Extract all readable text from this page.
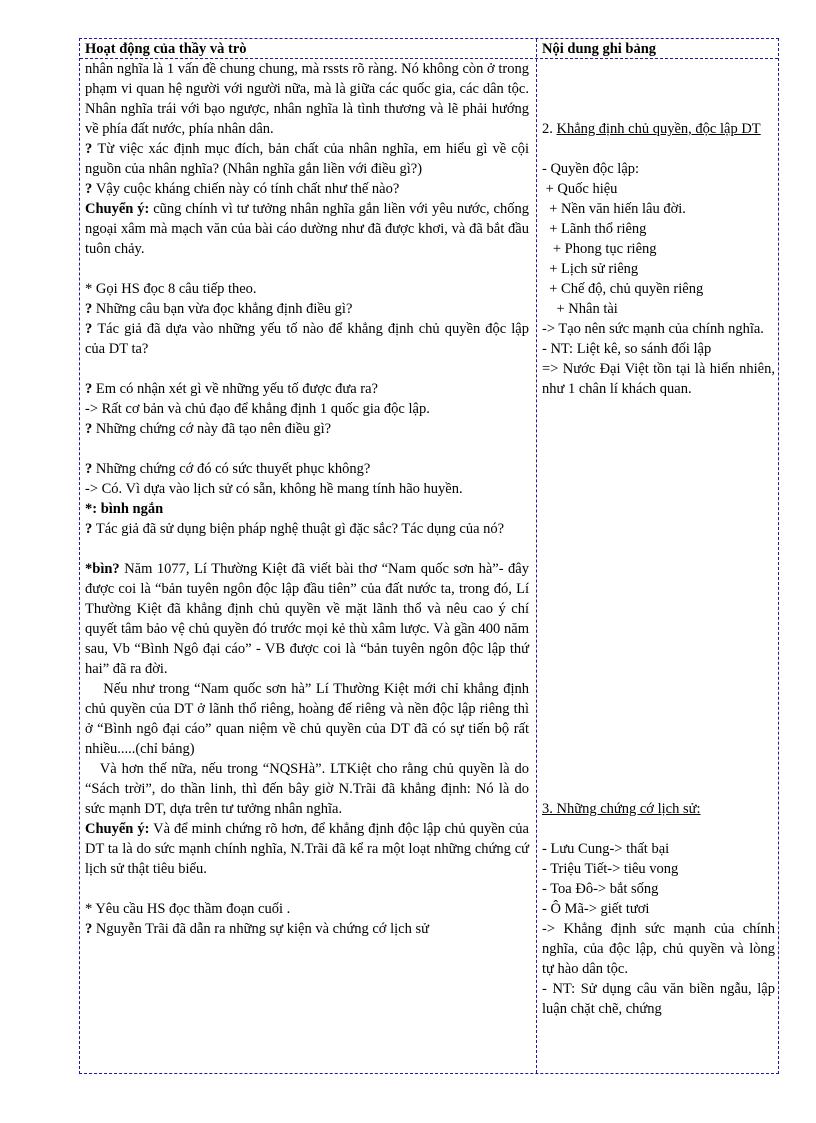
Hoạt động của thầy và trò	Nội dung ghi bảng

nhân nghĩa là 1 vấn đề chung chung, mà rssts rõ ràng. Nó không còn ở trong phạm vi quan hệ người với người nữa, mà là giữa các quốc gia, các dân tộc. Nhân nghĩa trái với bạo ngược, nhân nghĩa là tình thương và lẽ phải hướng về phía đất nước, phía nhân dân.

? Từ việc xác định mục đích, bản chất của nhân nghĩa, em hiểu gì về cội nguồn của nhân nghĩa? (Nhân nghĩa gắn liền với điều gì?)

? Vậy cuộc kháng chiến này có tính chất như thế nào?

Chuyển ý: cũng chính vì tư tưởng nhân nghĩa gắn liền với yêu nước, chống ngoại xâm mà mạch văn của bài cáo dường như đã được khơi, và đã bắt đầu tuôn chảy.

* Gọi HS đọc 8 câu tiếp theo.

? Những câu bạn vừa đọc khẳng định điều gì?

? Tác giả đã dựa vào những yếu tố nào để khẳng định chủ quyền độc lập của DT ta?

? Em có nhận xét gì về những yếu tố được đưa ra?

-> Rất cơ bản và chủ đạo để khẳng định 1 quốc gia độc lập.

? Những chứng cớ này đã tạo nên điều gì?

? Những chứng cớ đó có sức thuyết phục không?

-> Có. Vì dựa vào lịch sử có sẵn, không hề mang tính hão huyền.

*: bình ngắn

? Tác giả đã sử dụng biện pháp nghệ thuật gì đặc sắc? Tác dụng của nó?

*bìn? Năm 1077, Lí Thường Kiệt đã viết bài thơ “Nam quốc sơn hà”- đây được coi là “bản tuyên ngôn độc lập đầu tiên” của đất nước ta, trong đó, Lí Thường Kiệt đã khẳng định chủ quyền về mặt lãnh thổ và nêu cao ý chí quyết tâm bảo vệ chủ quyền đó trước mọi kẻ thù xâm lược. Và gần 400 năm sau, Vb “Bình Ngô đại cáo” - VB được coi là “bản tuyên ngôn độc lập thứ hai” đã ra đời.

Nếu như trong “Nam quốc sơn hà” Lí Thường Kiệt mới chỉ khẳng định chủ quyền của DT ở lãnh thổ riêng, hoàng đế riêng và nền độc lập riêng thì ở “Bình ngô đại cáo” quan niệm về chủ quyền của DT đã có sự tiến bộ rất nhiều.....(chỉ bảng)

Và hơn thế nữa, nếu trong “NQSHà”. LTKiệt cho rằng chủ quyền là do “Sách trời”, do thần linh, thì đến bây giờ N.Trãi đã khẳng định: Nó là do sức mạnh DT, dựa trên tư tưởng nhân nghĩa.

Chuyển ý: Và để minh chứng rõ hơn, để khẳng định độc lập chủ quyền của DT ta là do sức mạnh chính nghĩa, N.Trãi đã kể ra một loạt những chứng cứ lịch sử thật tiêu biểu.

* Yêu cầu HS đọc thầm đoạn cuối .

? Nguyễn Trãi đã dẫn ra những sự kiện và chứng cớ lịch sử

2. Khẳng định chủ quyền, độc lập DT

- Quyền độc lập:

+ Quốc hiệu

+ Nền văn hiến lâu đời.

+ Lãnh thổ riêng

+ Phong tục riêng

+ Lịch sử riêng

+ Chế độ, chủ quyền riêng

+ Nhân tài

-> Tạo nên sức mạnh của chính nghĩa.

- NT: Liệt kê, so sánh đối lập

=> Nước Đại Việt tồn tại là hiển nhiên, như 1 chân lí khách quan.

3. Những chứng cớ lịch sử:

- Lưu Cung-> thất bại

- Triệu Tiết-> tiêu vong

- Toa Đô-> bắt sống

- Ô Mã-> giết tươi

-> Khẳng định sức mạnh của chính nghĩa, của độc lập, chủ quyền và lòng tự hào dân tộc.

- NT: Sử dụng câu văn biền ngẫu, lập luận chặt chẽ, chứng
